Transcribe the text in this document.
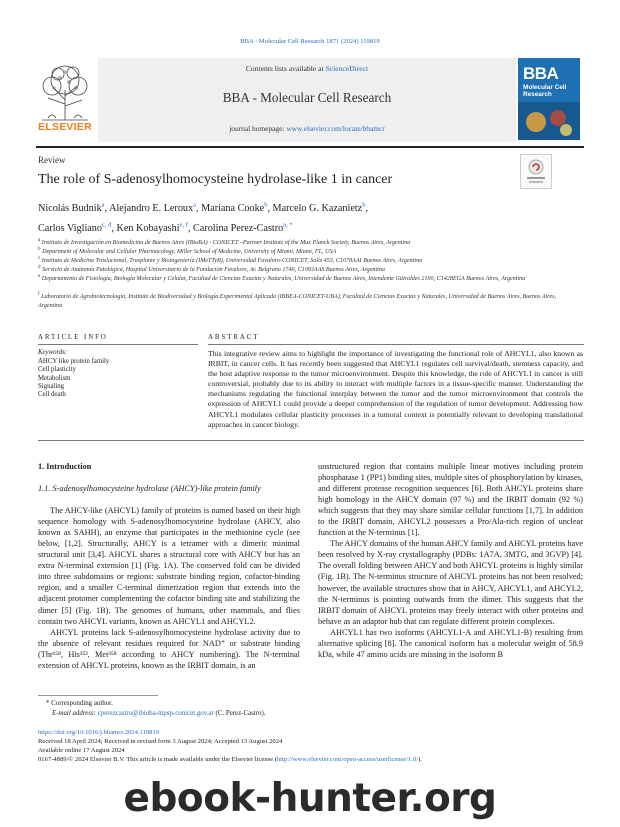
BBA - Molecular Cell Research 1871 (2024) 119819
ELSEVIER
Contents lists available at ScienceDirect
BBA - Molecular Cell Research
journal homepage: www.elsevier.com/locate/bbamcr
BBA
Molecular Cell Research
Review
The role of S-adenosylhomocysteine hydrolase-like 1 in cancer
Nicolás Budnik$^a$, Alejandro E. Leroux$^a$, Mariana Cooke$^b$, Marcelo G. Kazanietz$^b$,
Carlos Vigliano$^{c, d}$, Ken Kobayashi$^{e, f}$, Carolina Perez-Castro$^{a, *}$
$^a$ Instituto de Investigación en Biomedicina de Buenos Aires (IBioBA) - CONICET –Partner Institute of the Max Planck Society, Buenos Aires, Argentina
$^b$ Department of Molecular and Cellular Pharmacology, Miller School of Medicine, University of Miami, Miami, FL, USA
$^c$ Instituto de Medicina Traslacional, Trasplante y Bioingeniería (IMeTTyB), Universidad Favaloro-CONICET, Solís 453, C1078AAI Buenos Aires, Argentina
$^d$ Servicio de Anatomía Patológica, Hospital Universitario de la Fundación Favaloro, Av. Belgrano 1746, C1093AAS Buenos Aires, Argentina
$^e$ Departamento de Fisiología, Biología Molecular y Celular, Facultad de Ciencias Exactas y Naturales, Universidad de Buenos Aires, Intendente Güiraldes 2160, C1428EGA Buenos Aires, Argentina
$^f$ Laboratorio de Agrobiotecnología, Instituto de Biodiversidad y Biología Experimental Aplicada (IBBEA-CONICET-UBA), Facultad de Ciencias Exactas y Naturales, Universidad de Buenos Aires, Buenos Aires, Argentina
ARTICLE INFO	ABSTRACT
Keywords:
AHCY like protein family
Cell plasticity
Metabolism
Signaling
Cell death
This integrative review aims to highlight the importance of investigating the functional role of AHCYL1, also known as IRBIT, in cancer cells. It has recently been suggested that AHCYL1 regulates cell survival/death, stemness capacity, and the host adaptive response to the tumor microenvironment. Despite this knowledge, the role of AHCYL1 in cancer is still controversial, probably due to its ability to interact with multiple factors in a tissue-specific manner. Understanding the mechanisms regulating the functional interplay between the tumor and the tumor microenvironment that controls the expression of AHCYL1 could provide a deeper comprehension of the regulation of tumor development. Addressing how AHCYL1 modulates cellular plasticity processes in a tumoral context is potentially relevant to developing translational approaches in cancer biology.
1. Introduction
1.1. S-adenosylhomocysteine hydrolase (AHCY)-like protein family

The AHCY-like (AHCYL) family of proteins is named based on their high sequence homology with S-adenosylhomocysteine hydrolase (AHCY, also known as SAHH), an enzyme that participates in the methionine cycle (see below, [1,2]. Structurally, AHCY is a tetramer with a dimeric minimal structural unit [3,4]. AHCYL shares a structural core with AHCY but has an extra N-terminal extension [1] (Fig. 1A). The conserved fold can be divided into three subdomains or regions: substrate binding region, cofactor-binding region, and a smaller C-terminal dimerization region that extends into the adjacent protomer complementing the cofactor binding site and stabilizing the dimer [5] (Fig. 1B). The genomes of humans, other mammals, and flies contain two AHCYL variants, known as AHCYL1 and AHCYL2.

AHCYL proteins lack S-adenosylhomocysteine hydrolase activity due to the absence of relevant residues required for NAD⁺ or substrate binding (Thr¹⁵⁸, His³⁵³, Met³⁵⁸ according to AHCY numbering). The N-terminal extension of AHCYL proteins, known as the IRBIT domain, is an

unstructured region that contains multiple linear motives including protein phosphatase 1 (PP1) binding sites, multiple sites of phosphorylation by kinases, and different protease recognition sequences [6]. Both AHCYL proteins share high homology in the AHCY domain (97 %) and the IRBIT domain (92 %) which suggests that they may share similar cellular functions [1,7]. In addition to the IRBIT domain, AHCYL2 possesses a Pro/Ala-rich region of unclear function at the N-terminus [1].

The AHCY domains of the human AHCY family and AHCYL proteins have been resolved by X-ray crystallography (PDBs: 1A7A, 3MTG, and 3GVP) [4]. The overall folding between AHCY and both AHCYL proteins is highly similar (Fig. 1B). The N-terminus structure of AHCYL proteins has not been resolved; however, the available structures show that in AHCY, AHCYL1, and AHCYL2, the N-terminus is pointing outwards from the dimer. This suggests that the IRBIT domain of AHCYL proteins may freely interact with other proteins and behave as an adaptor hub that can regulate different protein complexes.

AHCYL1 has two isoforms (AHCYL1-A and AHCYL1-B) resulting from alternative splicing [8]. The canonical isoform has a molecular weight of 58.9 kDa, while 47 amino acids are missing in the isoform B

* Corresponding author.
E-mail address: cperezcastro@ibioba-mpsp-conicet.gov.ar (C. Perez-Castro).
https://doi.org/10.1016/j.bbamcr.2024.119819
Received 18 April 2024; Received in revised form 3 August 2024; Accepted 13 August 2024
Available online 17 August 2024
0167-4889/© 2024 Elsevier B.V. This article is made available under the Elsevier license (http://www.elsevier.com/open-access/userlicense/1.0/).
ebook-hunter.org
